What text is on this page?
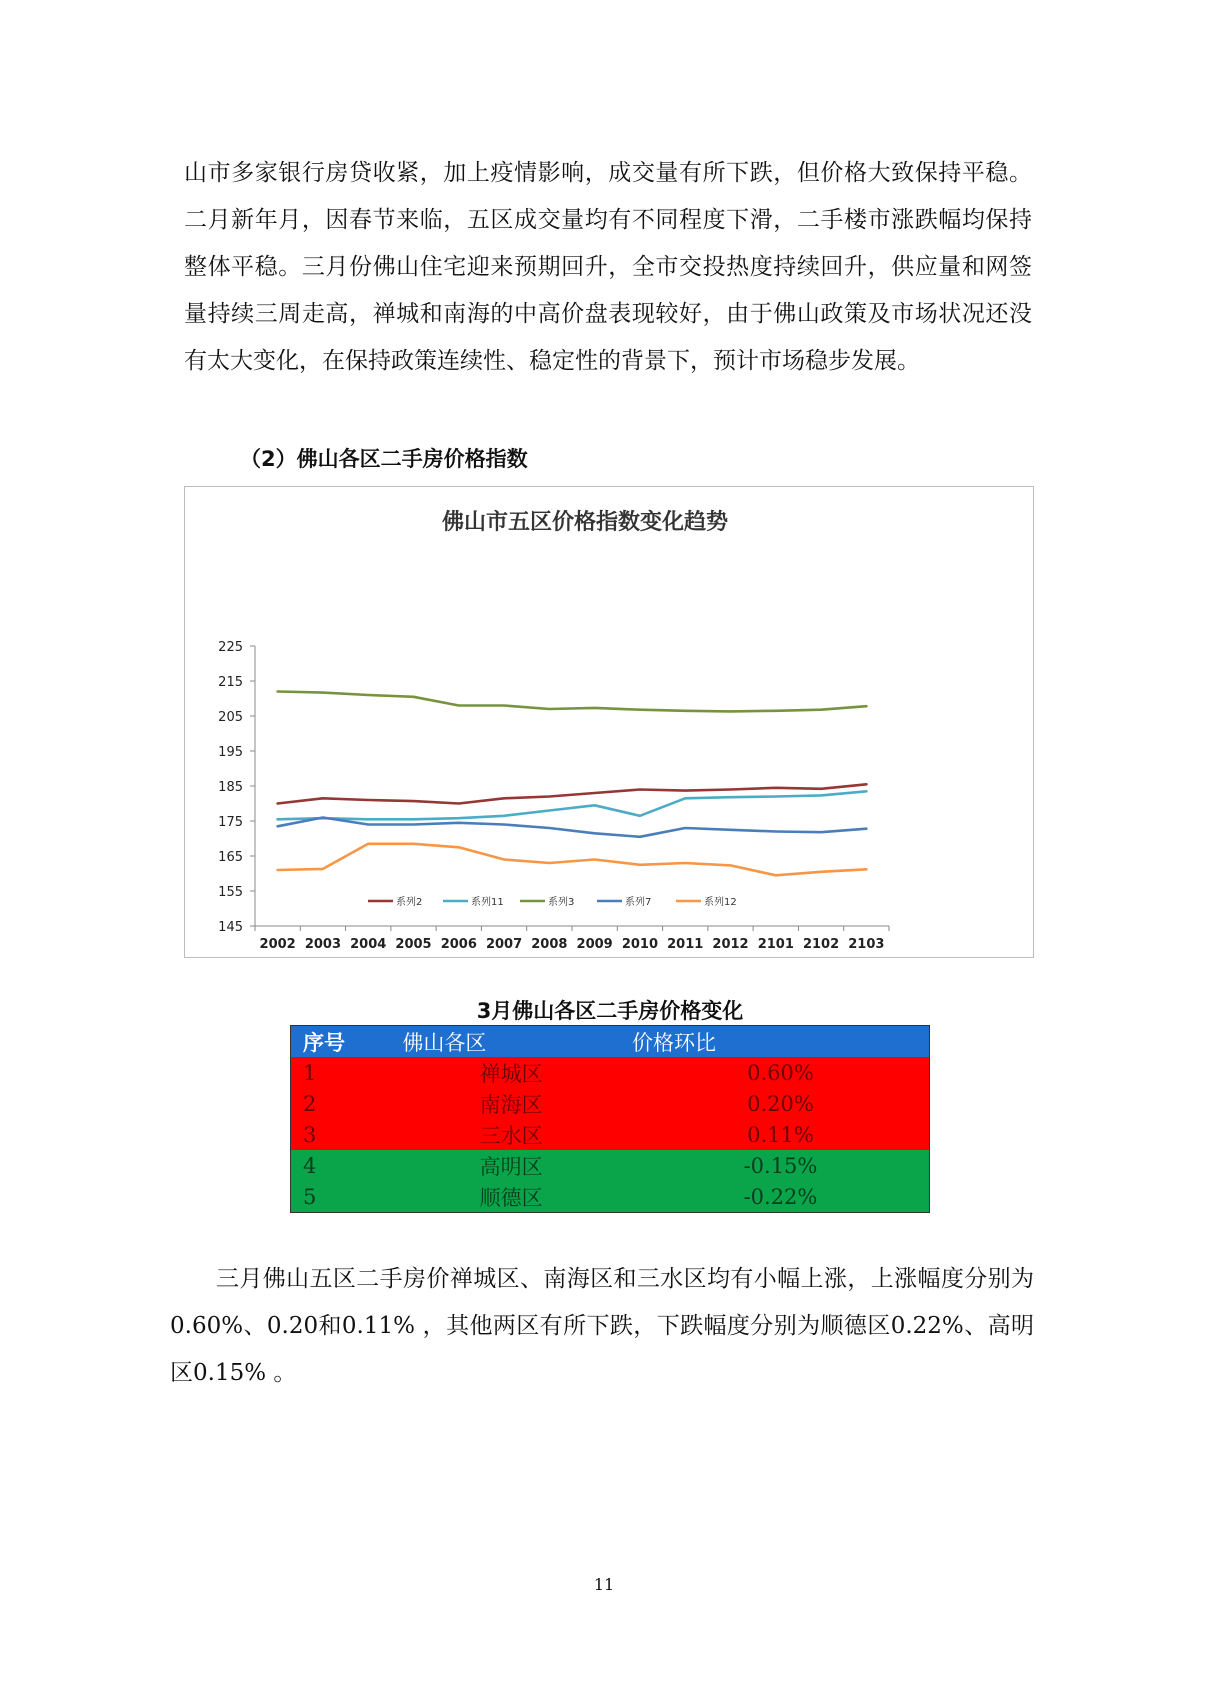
山市多家银行房贷收紧，加上疫情影响，成交量有所下跌，但价格大致保持平稳。二月新年月，因春节来临，五区成交量均有不同程度下滑，二手楼市涨跌幅均保持整体平稳。三月份佛山住宅迎来预期回升，全市交投热度持续回升，供应量和网签量持续三周走高，禅城和南海的中高价盘表现较好，由于佛山政策及市场状况还没有太大变化，在保持政策连续性、稳定性的背景下，预计市场稳步发展。

（2）佛山各区二手房价格指数
佛山市五区价格指数变化趋势
145
155
165
175
185
195
205
215
225
2002 2003 2004 2005 2006 2007 2008 2009 2010 2011 2012 2101 2102 2103
系列2	系列11	系列3	系列7	系列12
3月佛山各区二手房价格变化
序号	佛山各区	价格环比
1	禅城区	0.60%
2	南海区	0.20%
3	三水区	0.11%
4	高明区	-0.15%
5	顺德区	-0.22%

三月佛山五区二手房价禅城区、南海区和三水区均有小幅上涨，上涨幅度分别为0.60%、0.20和0.11% ，其他两区有所下跌，下跌幅度分别为顺德区0.22%、高明区0.15% 。

11
